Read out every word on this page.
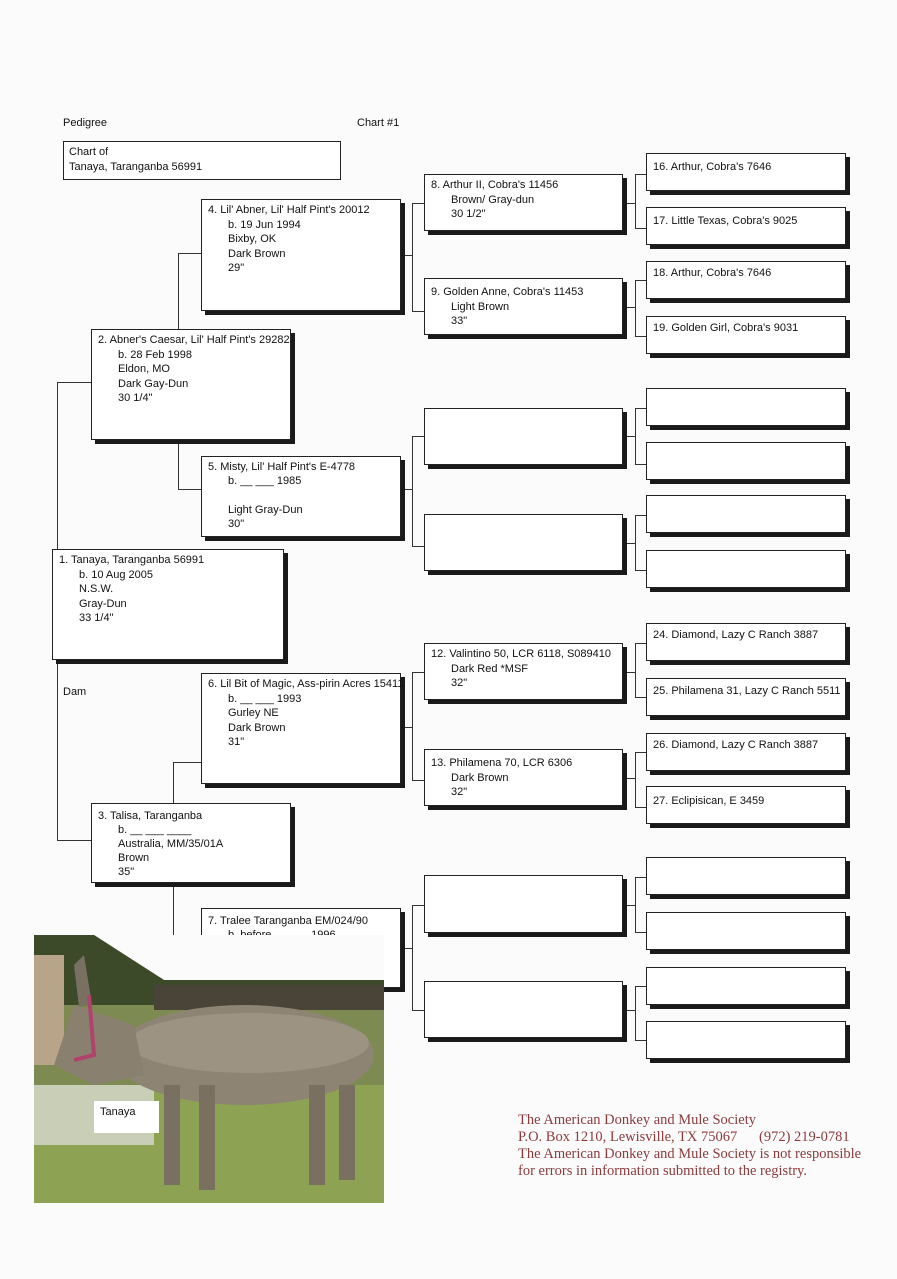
Pedigree	Chart #1
Chart of
Tanaya, Taranganba 56991
1. Tanaya, Taranganba 56991
b. 10 Aug 2005
N.S.W.
Gray-Dun
33 1/4"
Dam
2. Abner's Caesar, Lil' Half Pint's 29282
b. 28 Feb 1998
Eldon, MO
Dark Gay-Dun
30 1/4"
3. Talisa, Taranganba
b. __ ___ ____
Australia, MM/35/01A
Brown
35"
4. Lil' Abner, Lil' Half Pint's 20012
b. 19 Jun 1994
Bixby, OK
Dark Brown
29"
5. Misty, Lil' Half Pint's E-4778
b. __ ___ 1985
Light Gray-Dun
30"
6. Lil Bit of Magic, Ass-pirin Acres 15411
b. __ ___ 1993
Gurley NE
Dark Brown
31"
7. Tralee Taranganba EM/024/90
8. Arthur II, Cobra's 11456
Brown/ Gray-dun
30 1/2"
9. Golden Anne, Cobra's 11453
Light Brown
33"
12. Valintino 50, LCR 6118, S089410
Dark Red *MSF
32"
13. Philamena 70, LCR 6306
Dark Brown
32"
16. Arthur, Cobra's 7646
17. Little Texas, Cobra's 9025
18. Arthur, Cobra's 7646
19. Golden Girl, Cobra's 9031
24. Diamond, Lazy C Ranch 3887
25. Philamena 31, Lazy C Ranch 5511
26. Diamond, Lazy C Ranch 3887
27. Eclipisican, E 3459
Tanaya	The American Donkey and Mule Society
P.O. Box 1210, Lewisville, TX 75067      (972) 219-0781
The American Donkey and Mule Society is not responsible
for errors in information submitted to the registry.
